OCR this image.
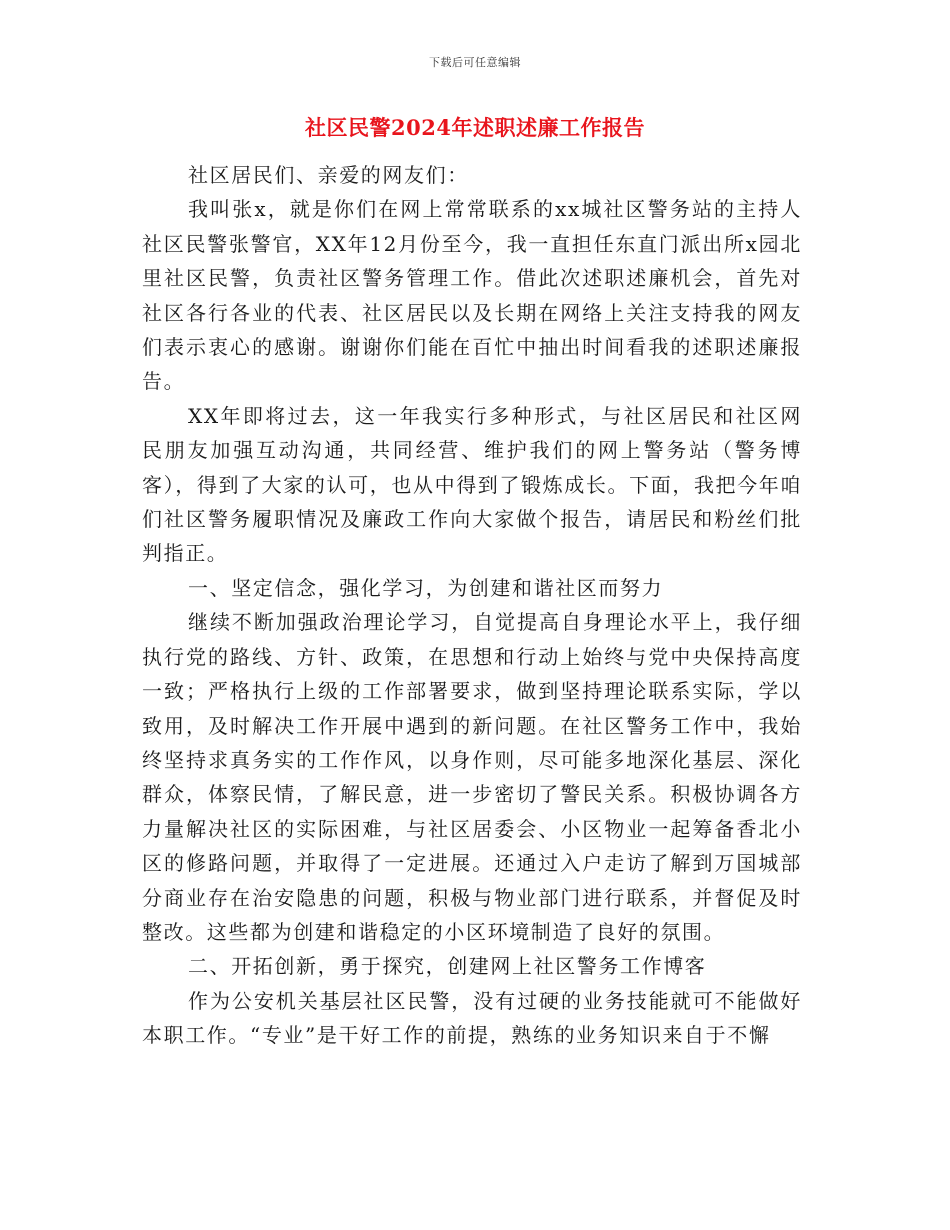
下载后可任意编辑
社区民警2024年述职述廉工作报告

社区居民们、亲爱的网友们：

我叫张x，就是你们在网上常常联系的xx城社区警务站的主持人社区民警张警官，XX年12月份至今，我一直担任东直门派出所x园北里社区民警，负责社区警务管理工作。借此次述职述廉机会，首先对社区各行各业的代表、社区居民以及长期在网络上关注支持我的网友们表示衷心的感谢。谢谢你们能在百忙中抽出时间看我的述职述廉报告。

XX年即将过去，这一年我实行多种形式，与社区居民和社区网民朋友加强互动沟通，共同经营、维护我们的网上警务站（警务博客），得到了大家的认可，也从中得到了锻炼成长。下面，我把今年咱们社区警务履职情况及廉政工作向大家做个报告，请居民和粉丝们批判指正。

一、坚定信念，强化学习，为创建和谐社区而努力

继续不断加强政治理论学习，自觉提高自身理论水平上，我仔细执行党的路线、方针、政策，在思想和行动上始终与党中央保持高度一致；严格执行上级的工作部署要求，做到坚持理论联系实际，学以致用，及时解决工作开展中遇到的新问题。在社区警务工作中，我始终坚持求真务实的工作作风，以身作则，尽可能多地深化基层、深化群众，体察民情，了解民意，进一步密切了警民关系。积极协调各方力量解决社区的实际困难，与社区居委会、小区物业一起筹备香北小区的修路问题，并取得了一定进展。还通过入户走访了解到万国城部分商业存在治安隐患的问题，积极与物业部门进行联系，并督促及时整改。这些都为创建和谐稳定的小区环境制造了良好的氛围。

二、开拓创新，勇于探究，创建网上社区警务工作博客

作为公安机关基层社区民警，没有过硬的业务技能就可不能做好本职工作。“专业”是干好工作的前提，熟练的业务知识来自于不懈
